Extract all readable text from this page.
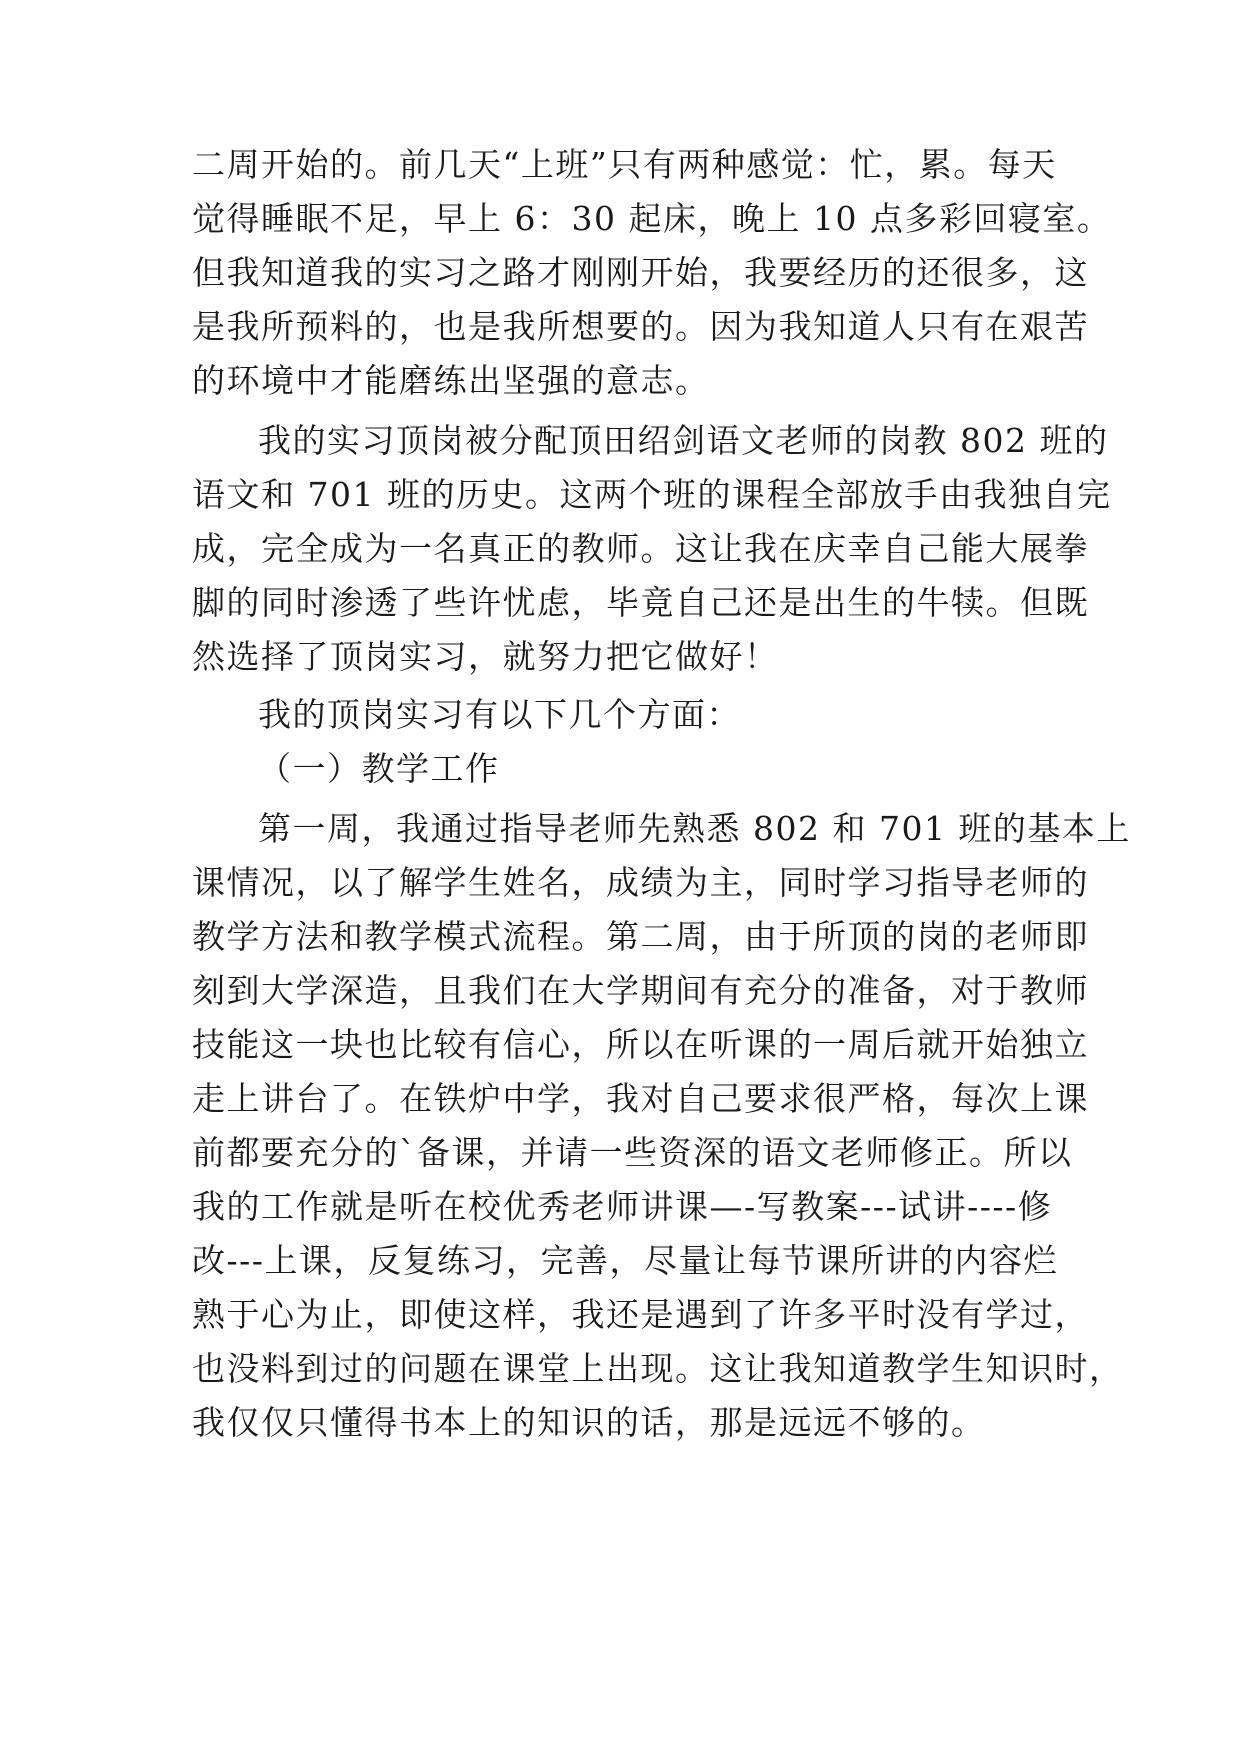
二周开始的。前几天“上班”只有两种感觉：忙，累。每天
觉得睡眠不足，早上 6：30 起床，晚上 10 点多彩回寝室。
但我知道我的实习之路才刚刚开始，我要经历的还很多，这
是我所预料的，也是我所想要的。因为我知道人只有在艰苦
的环境中才能磨练出坚强的意志。
我的实习顶岗被分配顶田绍剑语文老师的岗教 802 班的
语文和 701 班的历史。这两个班的课程全部放手由我独自完
成，完全成为一名真正的教师。这让我在庆幸自己能大展拳
脚的同时渗透了些许忧虑，毕竟自己还是出生的牛犊。但既
然选择了顶岗实习，就努力把它做好！
我的顶岗实习有以下几个方面：
（一）教学工作
第一周，我通过指导老师先熟悉 802 和 701 班的基本上
课情况，以了解学生姓名，成绩为主，同时学习指导老师的
教学方法和教学模式流程。第二周，由于所顶的岗的老师即
刻到大学深造，且我们在大学期间有充分的准备，对于教师
技能这一块也比较有信心，所以在听课的一周后就开始独立
走上讲台了。在铁炉中学，我对自己要求很严格，每次上课
前都要充分的`备课，并请一些资深的语文老师修正。所以
我的工作就是听在校优秀老师讲课—-写教案---试讲----修
改---上课，反复练习，完善，尽量让每节课所讲的内容烂
熟于心为止，即使这样，我还是遇到了许多平时没有学过，
也没料到过的问题在课堂上出现。这让我知道教学生知识时，
我仅仅只懂得书本上的知识的话，那是远远不够的。
